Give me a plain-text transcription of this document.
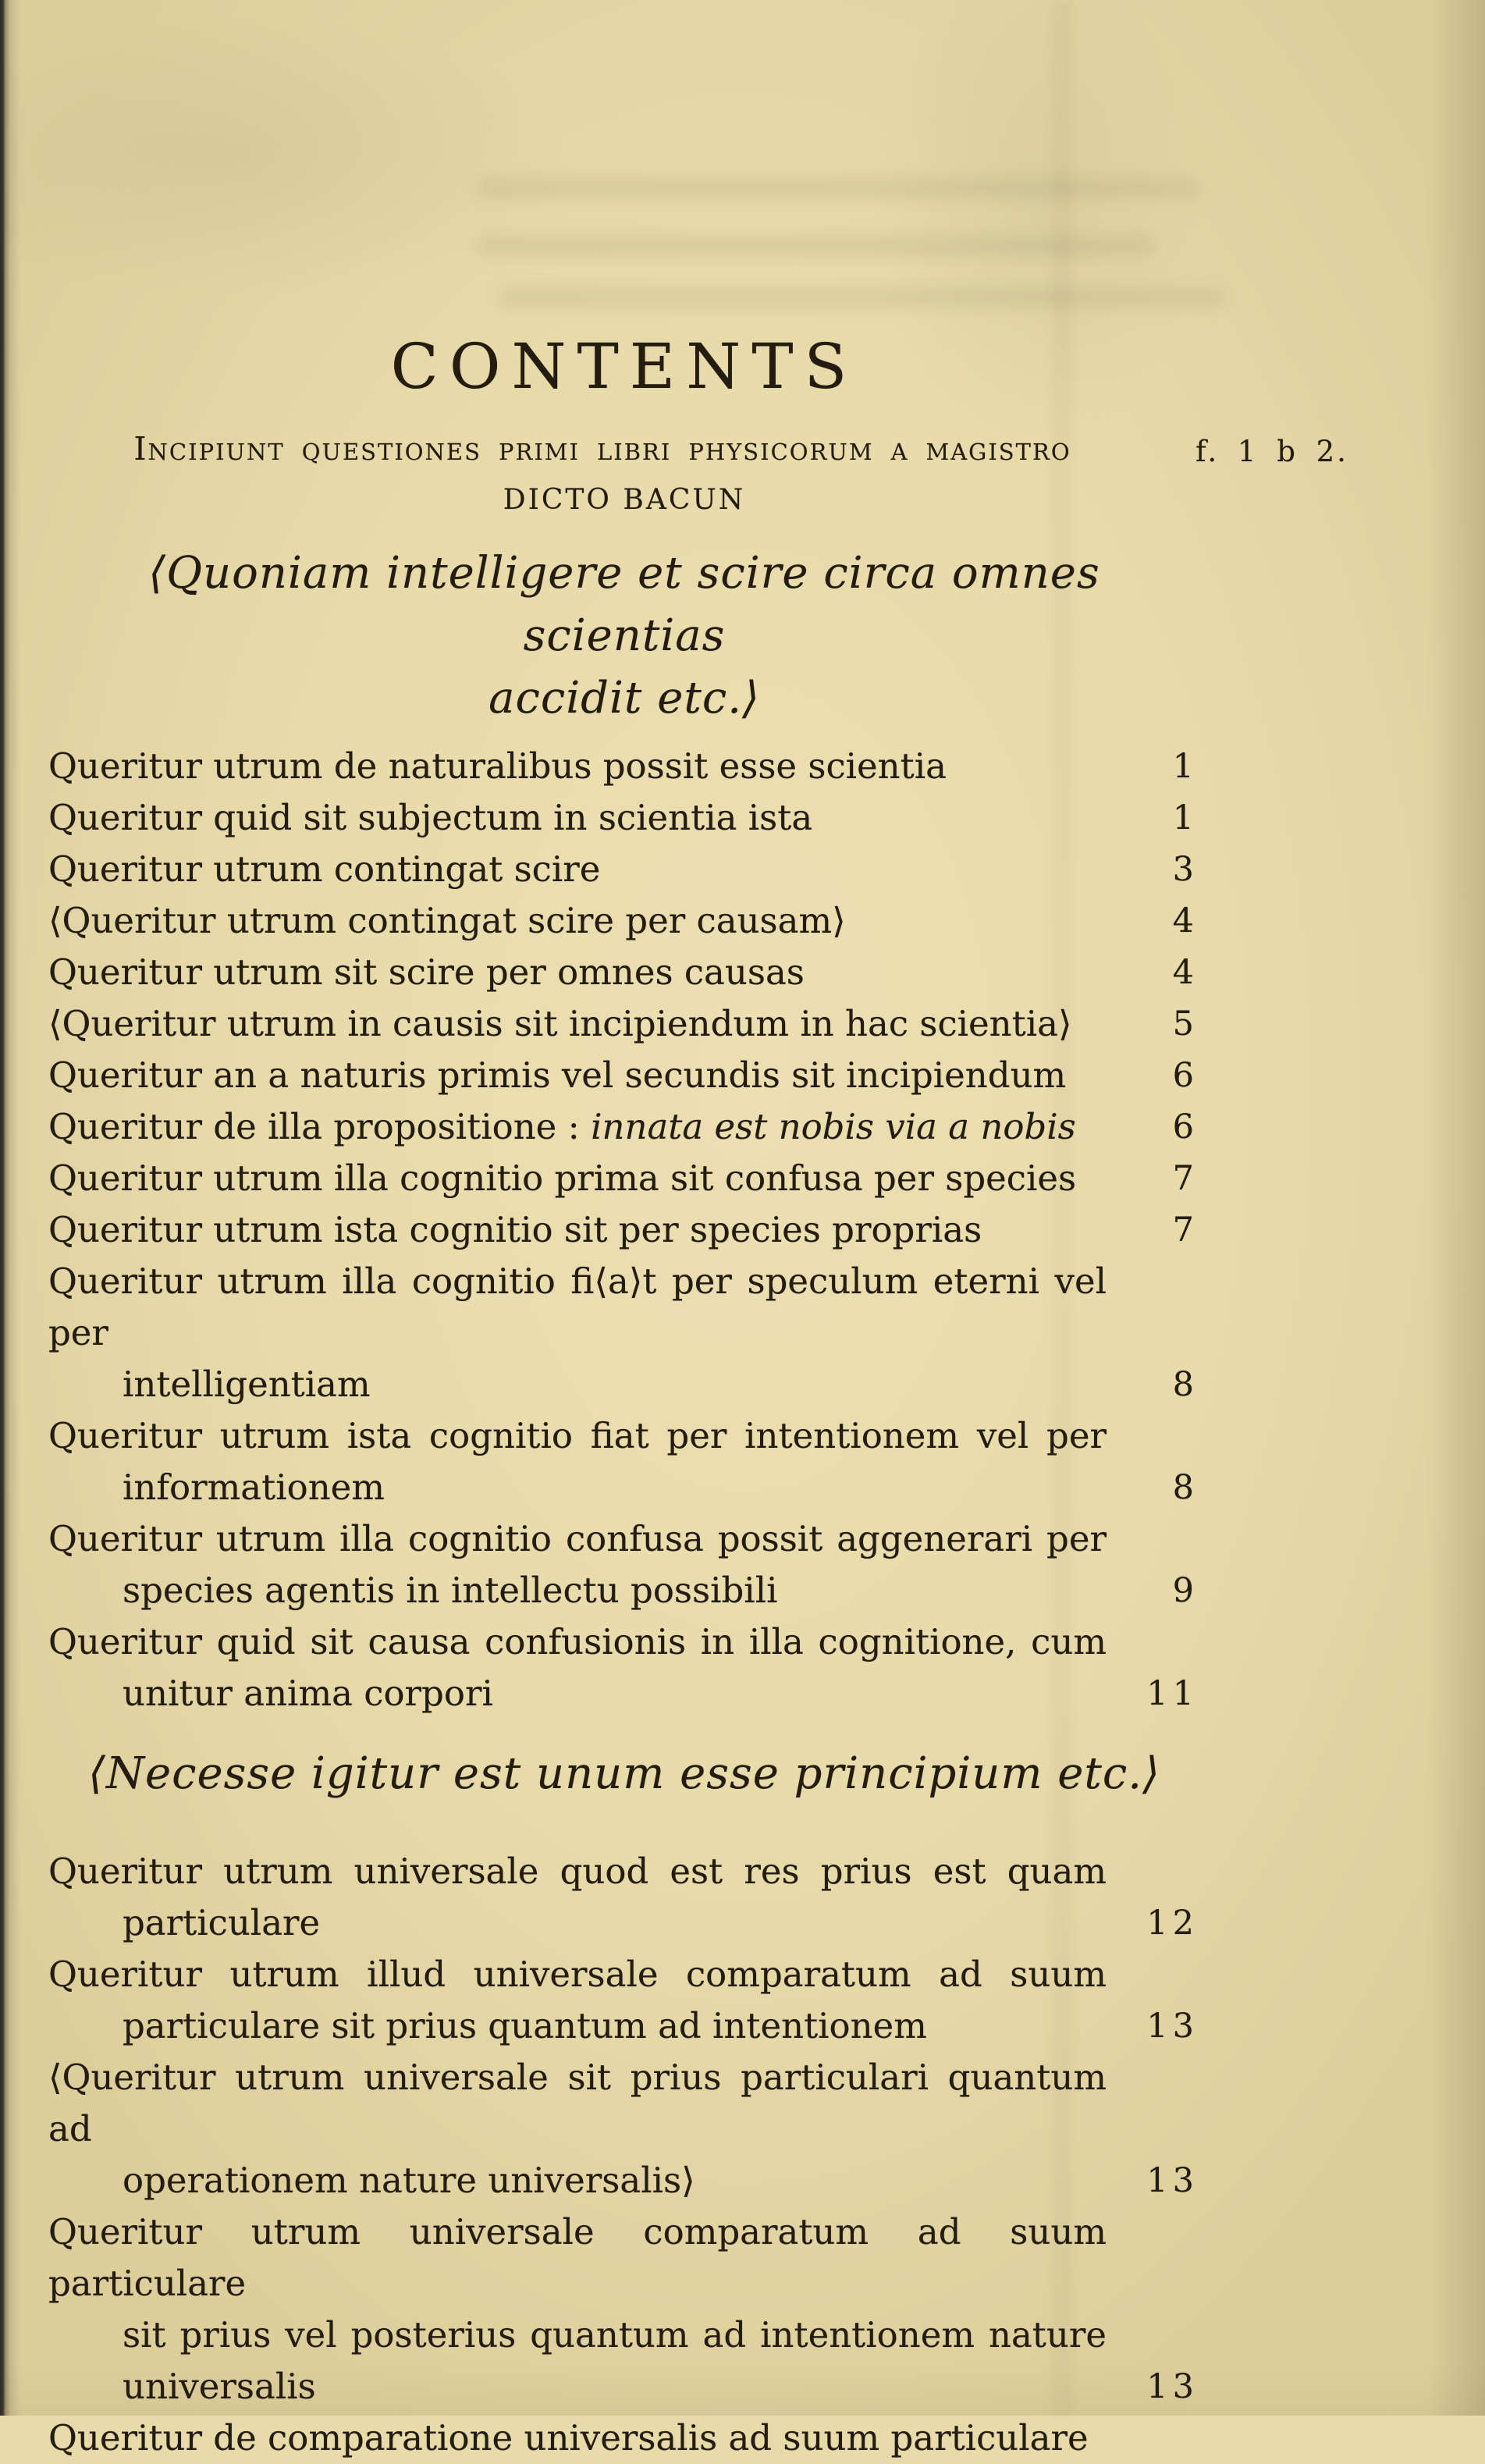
CONTENTS
Incipiunt questiones primi libri physicorum a magistro	f. 1 b 2.
DICTO BACUN
⟨Quoniam intelligere et scire circa omnes scientias
accidit etc.⟩
Queritur utrum de naturalibus possit esse scientia	1
Queritur quid sit subjectum in scientia ista	1
Queritur utrum contingat scire	3
⟨Queritur utrum contingat scire per causam⟩	4
Queritur utrum sit scire per omnes causas	4
⟨Queritur utrum in causis sit incipiendum in hac scientia⟩	5
Queritur an a naturis primis vel secundis sit incipiendum	6
Queritur de illa propositione : innata est nobis via a nobis	6
Queritur utrum illa cognitio prima sit confusa per species	7
Queritur utrum ista cognitio sit per species proprias	7
Queritur utrum illa cognitio fi⟨a⟩t per speculum eterni vel per
intelligentiam	8
Queritur utrum ista cognitio fiat per intentionem vel per
informationem	8
Queritur utrum illa cognitio confusa possit aggenerari per
species agentis in intellectu possibili	9
Queritur quid sit causa confusionis in illa cognitione, cum
unitur anima corpori	11
⟨Necesse igitur est unum esse principium etc.⟩
Queritur utrum universale quod est res prius est quam
particulare	12
Queritur utrum illud universale comparatum ad suum
particulare sit prius quantum ad intentionem	13
⟨Queritur utrum universale sit prius particulari quantum ad
operationem nature universalis⟩	13
Queritur utrum universale comparatum ad suum particulare
sit prius vel posterius quantum ad intentionem nature
universalis	13
Queritur de comparatione universalis ad suum particulare
